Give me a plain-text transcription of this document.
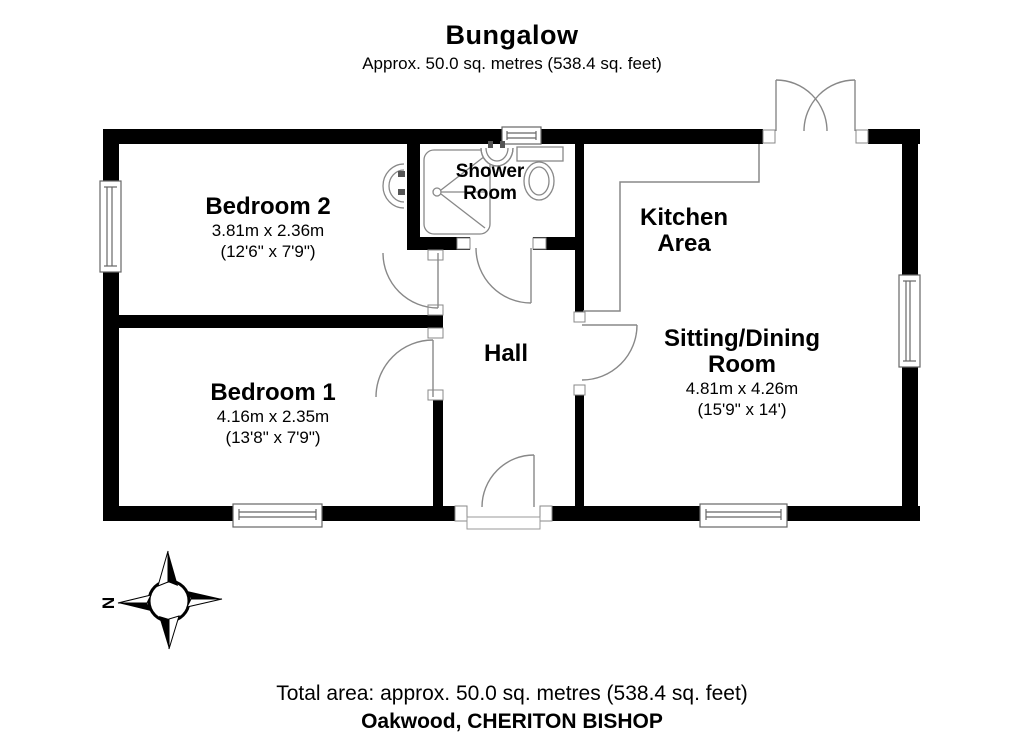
Bungalow
Approx. 50.0 sq. metres (538.4 sq. feet)
N
Bedroom 2
3.81m x 2.36m
(12'6" x 7'9")
Bedroom 1
4.16m x 2.35m
(13'8" x 7'9")
Shower Room
Kitchen Area
Sitting/Dining Room
4.81m x 4.26m
(15'9" x 14')
Hall
Total area: approx. 50.0 sq. metres (538.4 sq. feet)
Oakwood, CHERITON BISHOP
